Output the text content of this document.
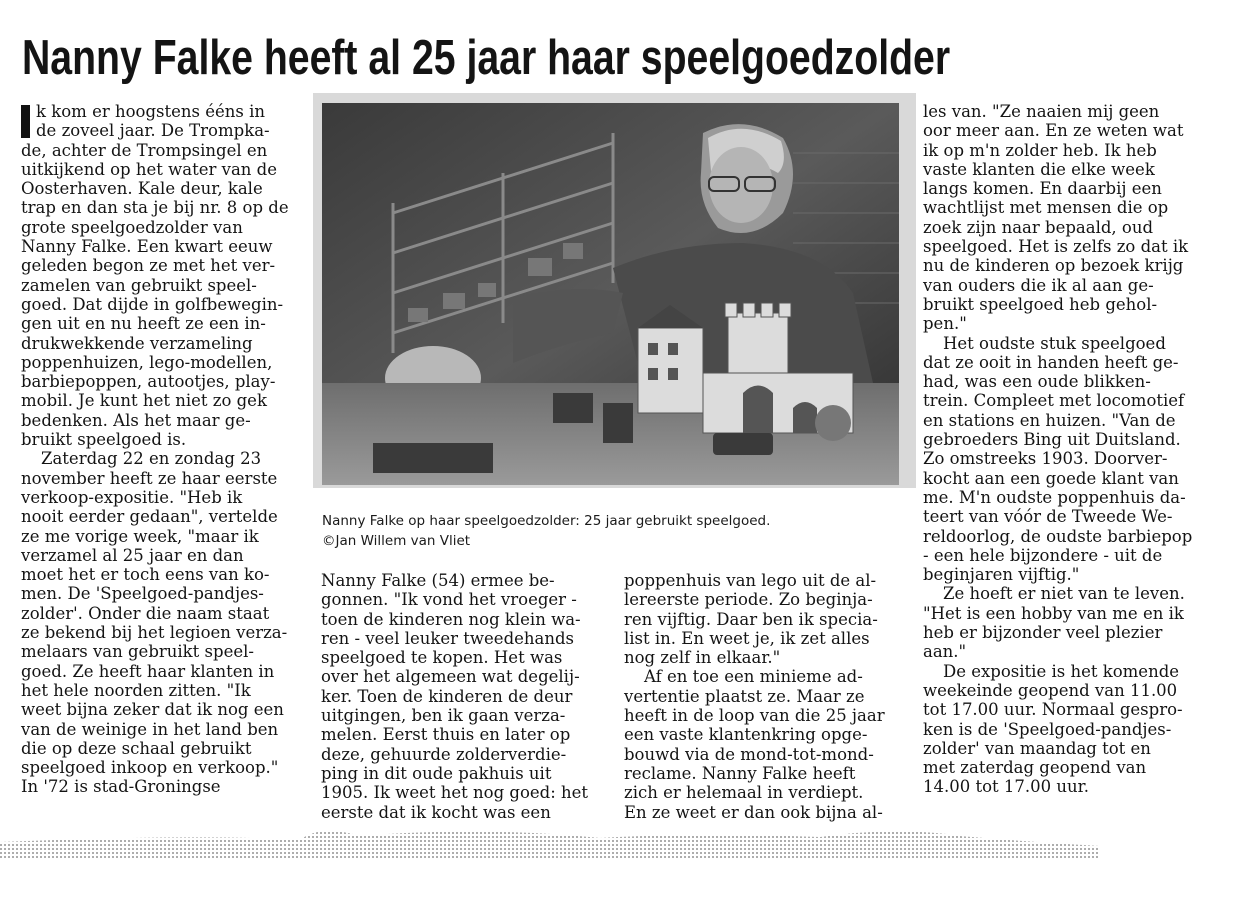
Nanny Falke heeft al 25 jaar haar speelgoedzolder
k kom er hoogstens ééns in
de zoveel jaar. De Trompka-
de, achter de Trompsingel en
uitkijkend op het water van de
Oosterhaven. Kale deur, kale
trap en dan sta je bij nr. 8 op de
grote speelgoedzolder van
Nanny Falke. Een kwart eeuw
geleden begon ze met het ver-
zamelen van gebruikt speel-
goed. Dat dijde in golfbewegin-
gen uit en nu heeft ze een in-
drukwekkende verzameling
poppenhuizen, lego-modellen,
barbiepoppen, autootjes, play-
mobil. Je kunt het niet zo gek
bedenken. Als het maar ge-
bruikt speelgoed is.
Zaterdag 22 en zondag 23
november heeft ze haar eerste
verkoop-expositie. "Heb ik
nooit eerder gedaan", vertelde
ze me vorige week, "maar ik
verzamel al 25 jaar en dan
moet het er toch eens van ko-
men. De 'Speelgoed-pandjes-
zolder'. Onder die naam staat
ze bekend bij het legioen verza-
melaars van gebruikt speel-
goed. Ze heeft haar klanten in
het hele noorden zitten. "Ik
weet bijna zeker dat ik nog een
van de weinige in het land ben
die op deze schaal gebruikt
speelgoed inkoop en verkoop."
In '72 is stad-Groningse
Nanny Falke op haar speelgoedzolder: 25 jaar gebruikt speelgoed.
©Jan Willem van Vliet
Nanny Falke (54) ermee be-
gonnen. "Ik vond het vroeger -
toen de kinderen nog klein wa-
ren - veel leuker tweedehands
speelgoed te kopen. Het was
over het algemeen wat degelij-
ker. Toen de kinderen de deur
uitgingen, ben ik gaan verza-
melen. Eerst thuis en later op
deze, gehuurde zolderverdie-
ping in dit oude pakhuis uit
1905. Ik weet het nog goed: het
eerste dat ik kocht was een
poppenhuis van lego uit de al-
lereerste periode. Zo beginja-
ren vijftig. Daar ben ik specia-
list in. En weet je, ik zet alles
nog zelf in elkaar."
Af en toe een minieme ad-
vertentie plaatst ze. Maar ze
heeft in de loop van die 25 jaar
een vaste klantenkring opge-
bouwd via de mond-tot-mond-
reclame. Nanny Falke heeft
zich er helemaal in verdiept.
En ze weet er dan ook bijna al-
les van. "Ze naaien mij geen
oor meer aan. En ze weten wat
ik op m'n zolder heb. Ik heb
vaste klanten die elke week
langs komen. En daarbij een
wachtlijst met mensen die op
zoek zijn naar bepaald, oud
speelgoed. Het is zelfs zo dat ik
nu de kinderen op bezoek krijg
van ouders die ik al aan ge-
bruikt speelgoed heb gehol-
pen."
Het oudste stuk speelgoed
dat ze ooit in handen heeft ge-
had, was een oude blikken-
trein. Compleet met locomotief
en stations en huizen. "Van de
gebroeders Bing uit Duitsland.
Zo omstreeks 1903. Doorver-
kocht aan een goede klant van
me. M'n oudste poppenhuis da-
teert van vóór de Tweede We-
reldoorlog, de oudste barbiepop
- een hele bijzondere - uit de
beginjaren vijftig."
Ze hoeft er niet van te leven.
"Het is een hobby van me en ik
heb er bijzonder veel plezier
aan."
De expositie is het komende
weekeinde geopend van 11.00
tot 17.00 uur. Normaal gespro-
ken is de 'Speelgoed-pandjes-
zolder' van maandag tot en
met zaterdag geopend van
14.00 tot 17.00 uur.
